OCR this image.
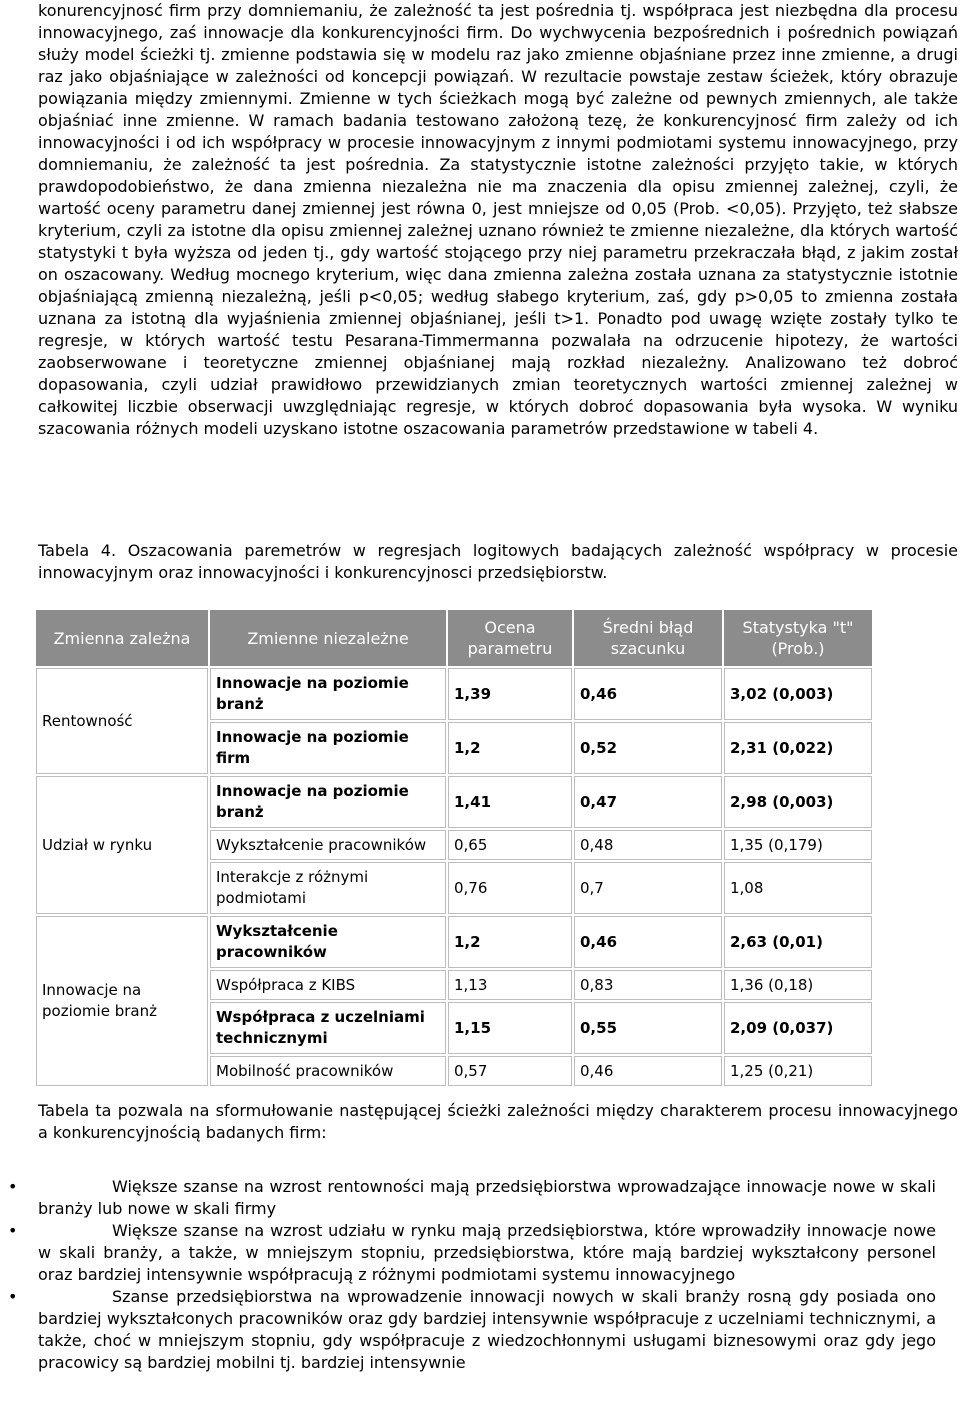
konurencyjnosć firm przy domniemaniu, że zależność ta jest pośrednia tj. współpraca jest niezbędna dla procesu innowacyjnego, zaś innowacje dla konkurencyjności firm. Do wychwycenia bezpośrednich i pośrednich powiązań służy model ścieżki tj. zmienne podstawia się w modelu raz jako zmienne objaśniane przez inne zmienne, a drugi raz jako objaśniające w zależności od koncepcji powiązań. W rezultacie powstaje zestaw ścieżek, który obrazuje powiązania między zmiennymi. Zmienne w tych ścieżkach mogą być zależne od pewnych zmiennych, ale także objaśniać inne zmienne. W ramach badania testowano założoną tezę, że konkurencyjnosć firm zależy od ich innowacyjności i od ich współpracy w procesie innowacyjnym z innymi podmiotami systemu innowacyjnego, przy domniemaniu, że zależność ta jest pośrednia. Za statystycznie istotne zależności przyjęto takie, w których prawdopodobieństwo, że dana zmienna niezależna nie ma znaczenia dla opisu zmiennej zależnej, czyli, że wartość oceny parametru danej zmiennej jest równa 0, jest mniejsze od 0,05 (Prob. <0,05). Przyjęto, też słabsze kryterium, czyli za istotne dla opisu zmiennej zależnej uznano również te zmienne niezależne, dla których wartość statystyki t była wyższa od jeden tj., gdy wartość stojącego przy niej parametru przekraczała błąd, z jakim został on oszacowany. Według mocnego kryterium, więc dana zmienna zależna została uznana za statystycznie istotnie objaśniającą zmienną niezależną, jeśli p<0,05; według słabego kryterium, zaś, gdy p>0,05 to zmienna została uznana za istotną dla wyjaśnienia zmiennej objaśnianej, jeśli t>1. Ponadto pod uwagę wzięte zostały tylko te regresje, w których wartość testu Pesarana-Timmermanna pozwalała na odrzucenie hipotezy, że wartości zaobserwowane i teoretyczne zmiennej objaśnianej mają rozkład niezależny. Analizowano też dobroć dopasowania, czyli udział prawidłowo przewidzianych zmian teoretycznych wartości zmiennej zależnej w całkowitej liczbie obserwacji uwzględniając regresje, w których dobroć dopasowania była wysoka. W wyniku szacowania różnych modeli uzyskano istotne oszacowania parametrów przedstawione w tabeli 4.

Tabela 4. Oszacowania paremetrów w regresjach logitowych badających zależność współpracy w procesie innowacyjnym oraz innowacyjności i konkurencyjnosci przedsiębiorstw.

Zmienna zależna	Zmienne niezależne	Ocena parametru	Średni błąd szacunku	Statystyka "t" (Prob.)
Rentowność	Innowacje na poziomie branż	1,39	0,46	3,02 (0,003)
	Innowacje na poziomie firm	1,2	0,52	2,31 (0,022)
Udział w rynku	Innowacje na poziomie branż	1,41	0,47	2,98 (0,003)
	Wykształcenie pracowników	0,65	0,48	1,35 (0,179)
	Interakcje z różnymi podmiotami	0,76	0,7	1,08
Innowacje na poziomie branż	Wykształcenie pracowników	1,2	0,46	2,63 (0,01)
	Współpraca z KIBS	1,13	0,83	1,36 (0,18)
	Współpraca z uczelniami technicznymi	1,15	0,55	2,09 (0,037)
	Mobilność pracowników	0,57	0,46	1,25 (0,21)

Tabela ta pozwala na sformułowanie następującej ścieżki zależności między charakterem procesu innowacyjnego a konkurencyjnością badanych firm:

•	Większe szanse na wzrost rentowności mają przedsiębiorstwa wprowadzające innowacje nowe w skali branży lub nowe w skali firmy
•	Większe szanse na wzrost udziału w rynku mają przedsiębiorstwa, które wprowadziły innowacje nowe w skali branży, a także, w mniejszym stopniu, przedsiębiorstwa, które mają bardziej wykształcony personel oraz bardziej intensywnie współpracują z różnymi podmiotami systemu innowacyjnego
•	Szanse przedsiębiorstwa na wprowadzenie innowacji nowych w skali branży rosną gdy posiada ono bardziej wykształconych pracowników oraz gdy bardziej intensywnie współpracuje z uczelniami technicznymi, a także, choć w mniejszym stopniu, gdy współpracuje z wiedzochłonnymi usługami biznesowymi oraz gdy jego pracowicy są bardziej mobilni tj. bardziej intensywnie
